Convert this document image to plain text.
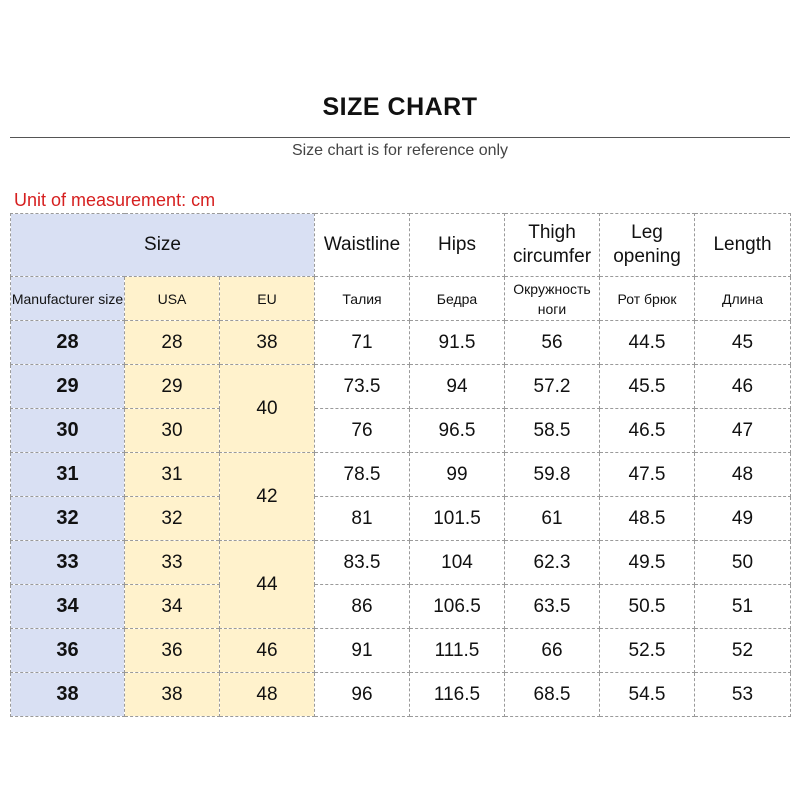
SIZE CHART
Size chart is for reference only
Unit of measurement: cm
Size			Waistline	Hips	Thigh circumfer	Leg opening	Length
Manufacturer size	USA	EU	Талия	Бедра	Окружность ноги	Рот брюк	Длина
28	28	38	71	91.5	56	44.5	45
29	29	40	73.5	94	57.2	45.5	46
30	30		76	96.5	58.5	46.5	47
31	31	42	78.5	99	59.8	47.5	48
32	32		81	101.5	61	48.5	49
33	33	44	83.5	104	62.3	49.5	50
34	34		86	106.5	63.5	50.5	51
36	36	46	91	111.5	66	52.5	52
38	38	48	96	116.5	68.5	54.5	53
